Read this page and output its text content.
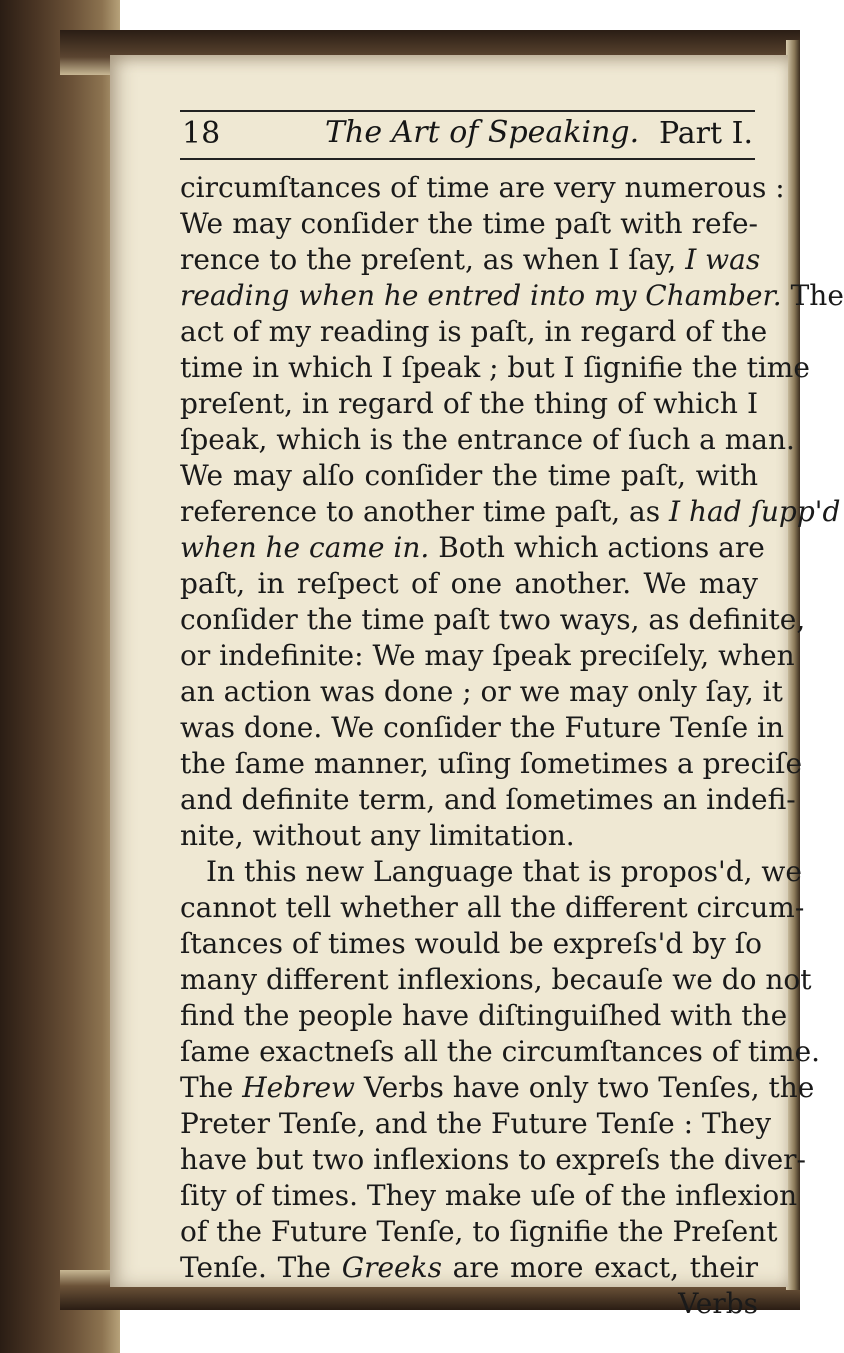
18	The Art of Speaking. Part I.
circumſtances of time are very numerous :
We may conſider the time paſt with refe-
rence to the preſent, as when I ſay, I was
reading when he entred into my Chamber. The
act of my reading is paſt, in regard of the
time in which I ſpeak ; but I ſignifie the time
preſent, in regard of the thing of which I
ſpeak, which is the entrance of ſuch a man.
We may alſo conſider the time paſt, with
reference to another time paſt, as I had ſupp'd
when he came in. Both which actions are
paſt, in reſpect of one another. We may
conſider the time paſt two ways, as definite,
or indefinite: We may ſpeak preciſely, when
an action was done ; or we may only ſay, it
was done. We conſider the Future Tenſe in
the ſame manner, uſing ſometimes a preciſe
and definite term, and ſometimes an indefi-
nite, without any limitation.
In this new Language that is propos'd, we
cannot tell whether all the different circum-
ſtances of times would be expreſs'd by ſo
many different inflexions, becauſe we do not
find the people have diſtinguiſhed with the
ſame exactneſs all the circumſtances of time.
The Hebrew Verbs have only two Tenſes, the
Preter Tenſe, and the Future Tenſe : They
have but two inflexions to expreſs the diver-
ſity of times. They make uſe of the inflexion
of the Future Tenſe, to ſignifie the Preſent
Tenſe. The Greeks are more exact, their
Verbs
